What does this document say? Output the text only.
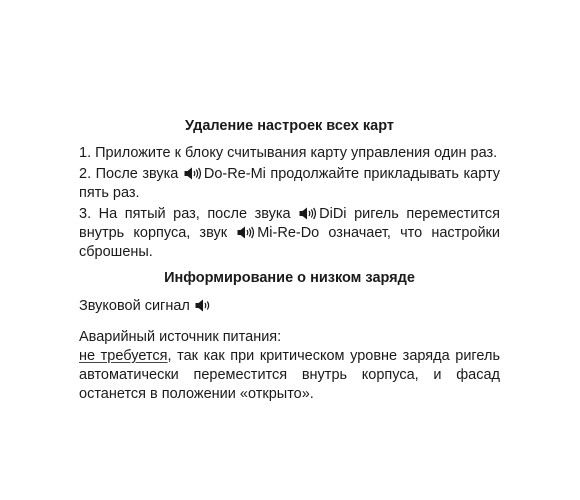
Удаление настроек всех карт

1. Приложите к блоку считывания карту управления один раз.

2. После звука Do-Re-Mi продолжайте прикладывать карту пять раз.

3. На пятый раз, после звука DiDi ригель переместится внутрь корпуса, звук Mi-Re-Do означает, что настройки сброшены.

Информирование о низком заряде

Звуковой сигнал

Аварийный источник питания:

не требуется, так как при критическом уровне заряда ригель автоматически переместится внутрь корпуса, и фасад останется в положении «открыто».
